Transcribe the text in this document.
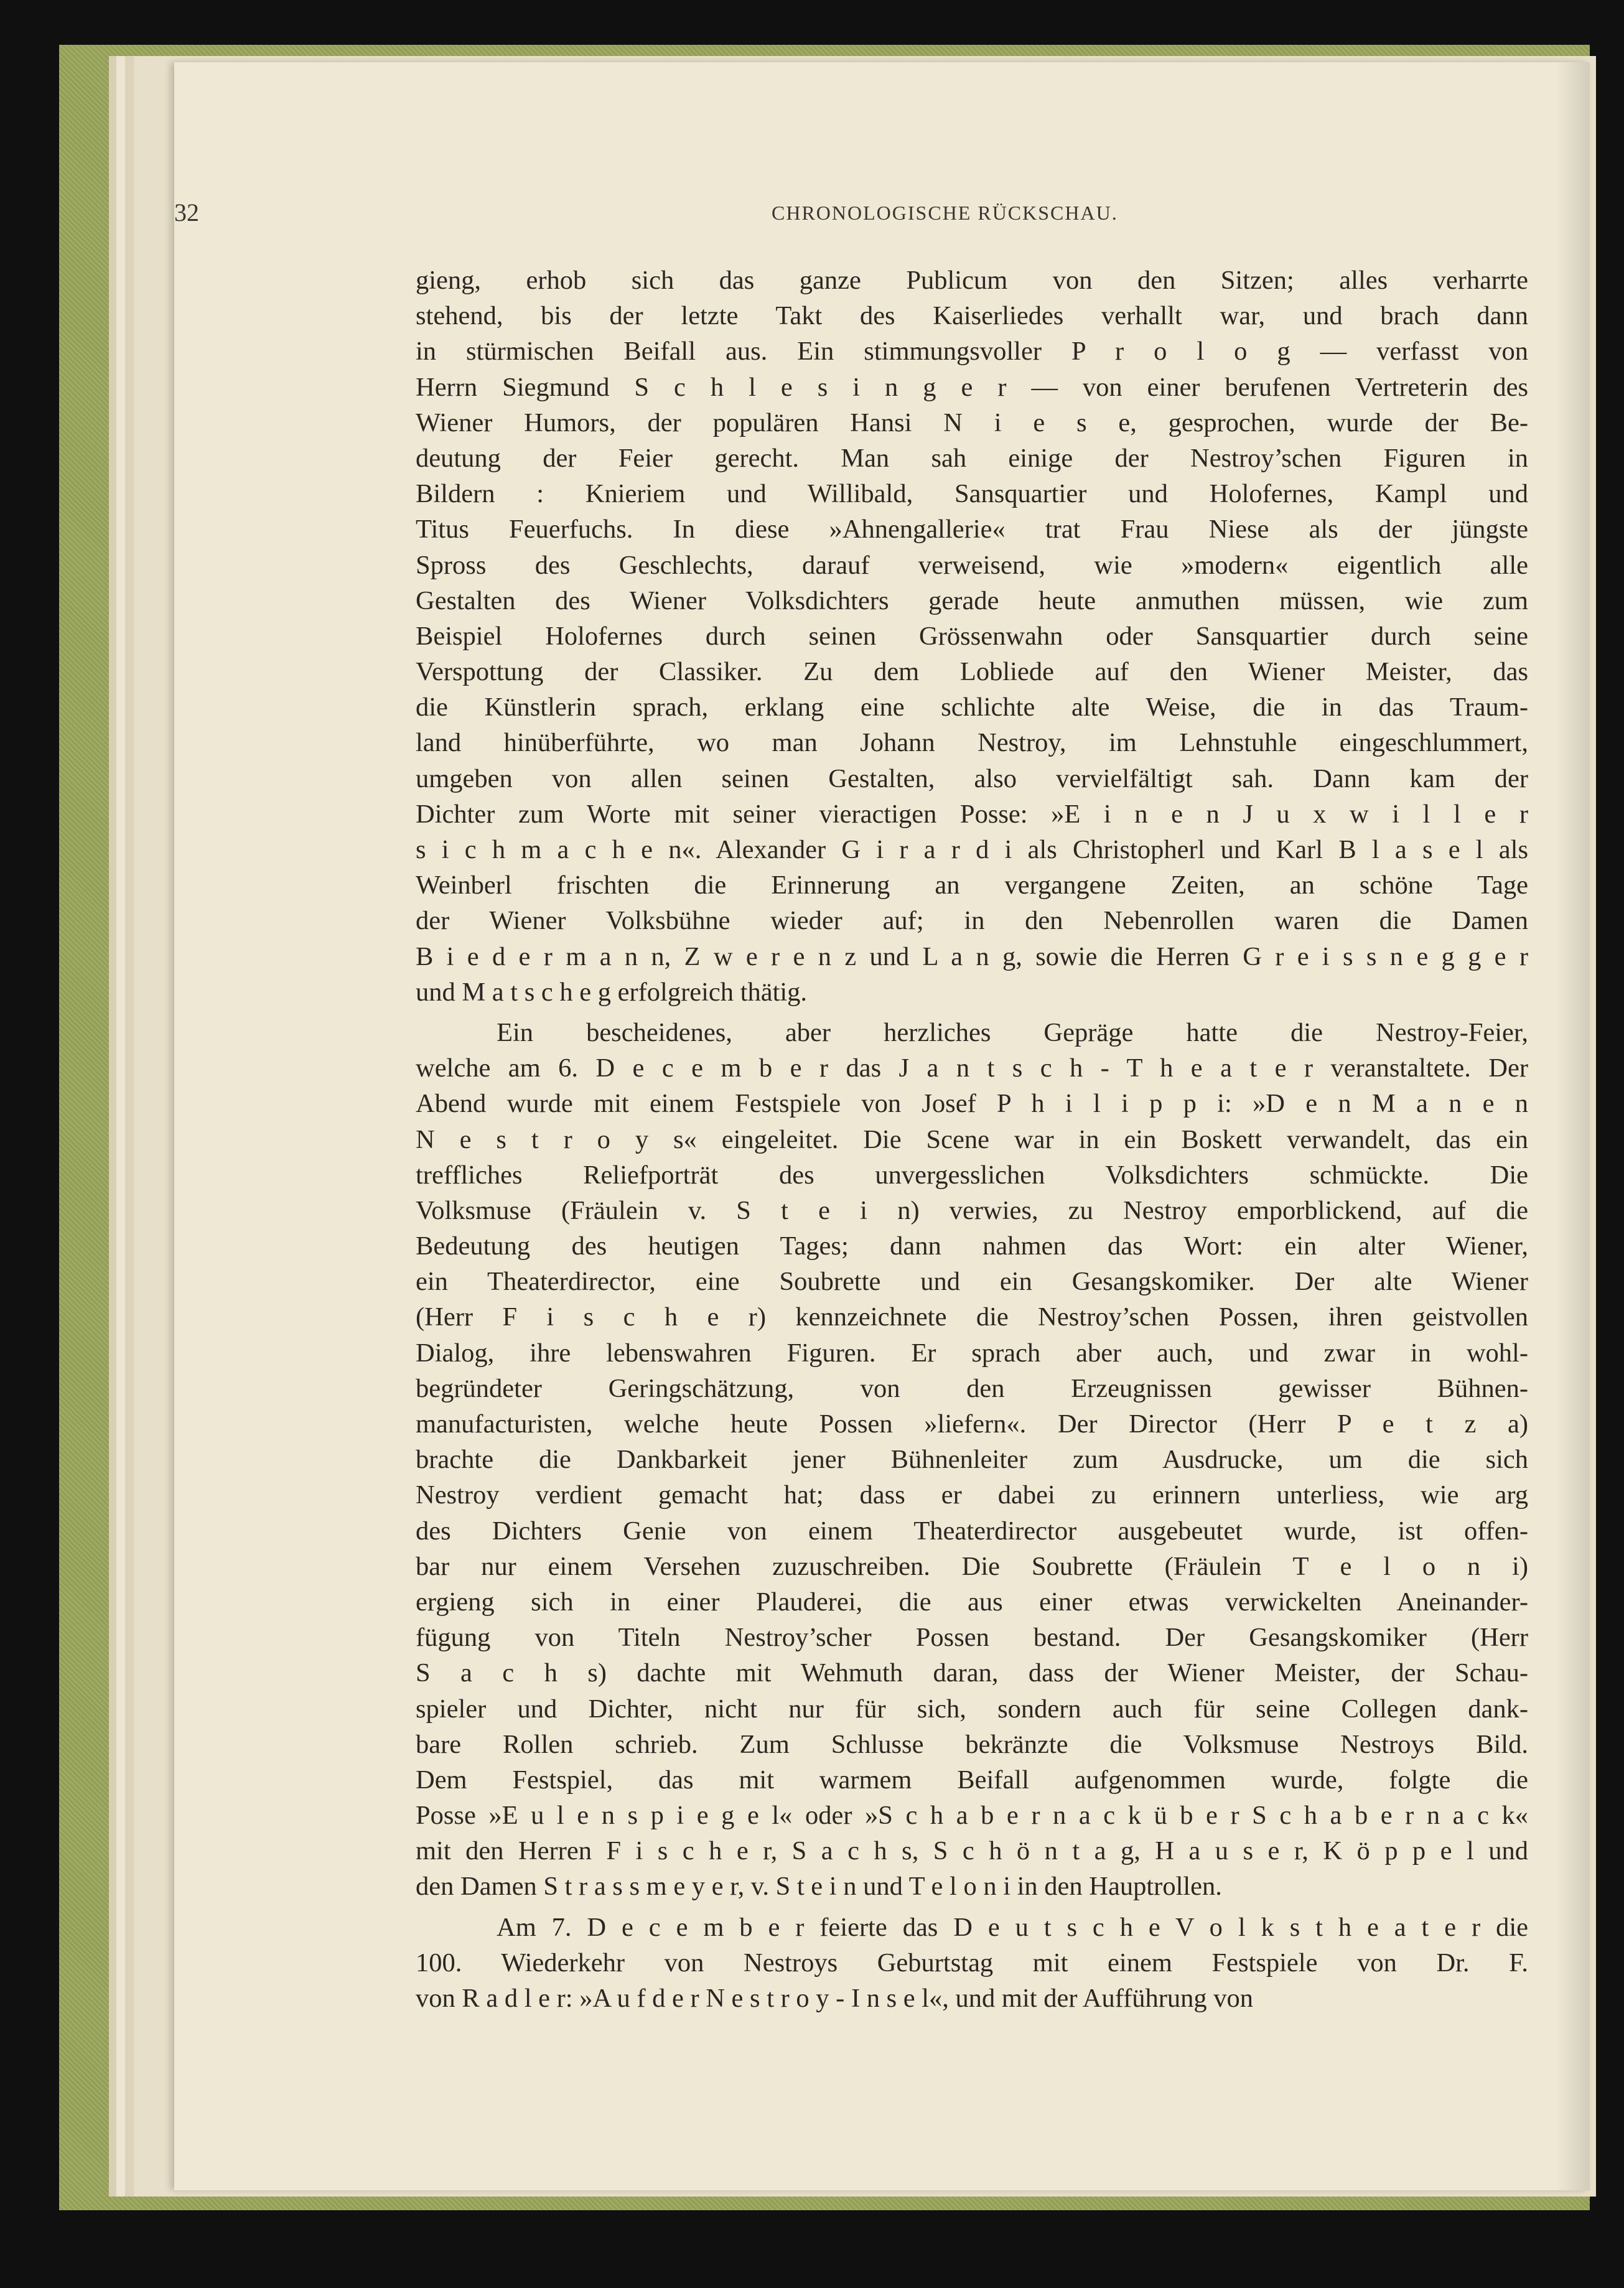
32	CHRONOLOGISCHE RÜCKSCHAU.
gieng, erhob sich das ganze Publicum von den Sitzen; alles verharrte
stehend, bis der letzte Takt des Kaiserliedes verhallt war, und brach dann
in stürmischen Beifall aus. Ein stimmungsvoller P r o l o g — verfasst von
Herrn Siegmund S c h l e s i n g e r — von einer berufenen Vertreterin des
Wiener Humors, der populären Hansi N i e s e, gesprochen, wurde der Be-
deutung der Feier gerecht. Man sah einige der Nestroy’schen Figuren in
Bildern : Knieriem und Willibald, Sansquartier und Holofernes, Kampl und
Titus Feuerfuchs. In diese »Ahnengallerie« trat Frau Niese als der jüngste
Spross des Geschlechts, darauf verweisend, wie »modern« eigentlich alle
Gestalten des Wiener Volksdichters gerade heute anmuthen müssen, wie zum
Beispiel Holofernes durch seinen Grössenwahn oder Sansquartier durch seine
Verspottung der Classiker. Zu dem Lobliede auf den Wiener Meister, das
die Künstlerin sprach, erklang eine schlichte alte Weise, die in das Traum-
land hinüberführte, wo man Johann Nestroy, im Lehnstuhle eingeschlummert,
umgeben von allen seinen Gestalten, also vervielfältigt sah. Dann kam der
Dichter zum Worte mit seiner vieractigen Posse: »E i n e n J u x w i l l e r
s i c h m a c h e n«. Alexander G i r a r d i als Christopherl und Karl B l a s e l als
Weinberl frischten die Erinnerung an vergangene Zeiten, an schöne Tage
der Wiener Volksbühne wieder auf; in den Nebenrollen waren die Damen
B i e d e r m a n n, Z w e r e n z und L a n g, sowie die Herren G r e i s s n e g g e r
und M a t s c h e g erfolgreich thätig.
Ein bescheidenes, aber herzliches Gepräge hatte die Nestroy-Feier,
welche am 6. D e c e m b e r das J a n t s c h - T h e a t e r veranstaltete. Der
Abend wurde mit einem Festspiele von Josef P h i l i p p i: »D e n M a n e n
N e s t r o y s« eingeleitet. Die Scene war in ein Boskett verwandelt, das ein
treffliches Reliefporträt des unvergesslichen Volksdichters schmückte. Die
Volksmuse (Fräulein v. S t e i n) verwies, zu Nestroy emporblickend, auf die
Bedeutung des heutigen Tages; dann nahmen das Wort: ein alter Wiener,
ein Theaterdirector, eine Soubrette und ein Gesangskomiker. Der alte Wiener
(Herr F i s c h e r) kennzeichnete die Nestroy’schen Possen, ihren geistvollen
Dialog, ihre lebenswahren Figuren. Er sprach aber auch, und zwar in wohl-
begründeter Geringschätzung, von den Erzeugnissen gewisser Bühnen-
manufacturisten, welche heute Possen »liefern«. Der Director (Herr P e t z a)
brachte die Dankbarkeit jener Bühnenleiter zum Ausdrucke, um die sich
Nestroy verdient gemacht hat; dass er dabei zu erinnern unterliess, wie arg
des Dichters Genie von einem Theaterdirector ausgebeutet wurde, ist offen-
bar nur einem Versehen zuzuschreiben. Die Soubrette (Fräulein T e l o n i)
ergieng sich in einer Plauderei, die aus einer etwas verwickelten Aneinander-
fügung von Titeln Nestroy’scher Possen bestand. Der Gesangskomiker (Herr
S a c h s) dachte mit Wehmuth daran, dass der Wiener Meister, der Schau-
spieler und Dichter, nicht nur für sich, sondern auch für seine Collegen dank-
bare Rollen schrieb. Zum Schlusse bekränzte die Volksmuse Nestroys Bild.
Dem Festspiel, das mit warmem Beifall aufgenommen wurde, folgte die
Posse »E u l e n s p i e g e l« oder »S c h a b e r n a c k ü b e r S c h a b e r n a c k«
mit den Herren F i s c h e r, S a c h s, S c h ö n t a g, H a u s e r, K ö p p e l und
den Damen S t r a s s m e y e r, v. S t e i n und T e l o n i in den Hauptrollen.
Am 7. D e c e m b e r feierte das D e u t s c h e V o l k s t h e a t e r die
100. Wiederkehr von Nestroys Geburtstag mit einem Festspiele von Dr. F.
von R a d l e r: »A u f d e r N e s t r o y - I n s e l«, und mit der Aufführung von
